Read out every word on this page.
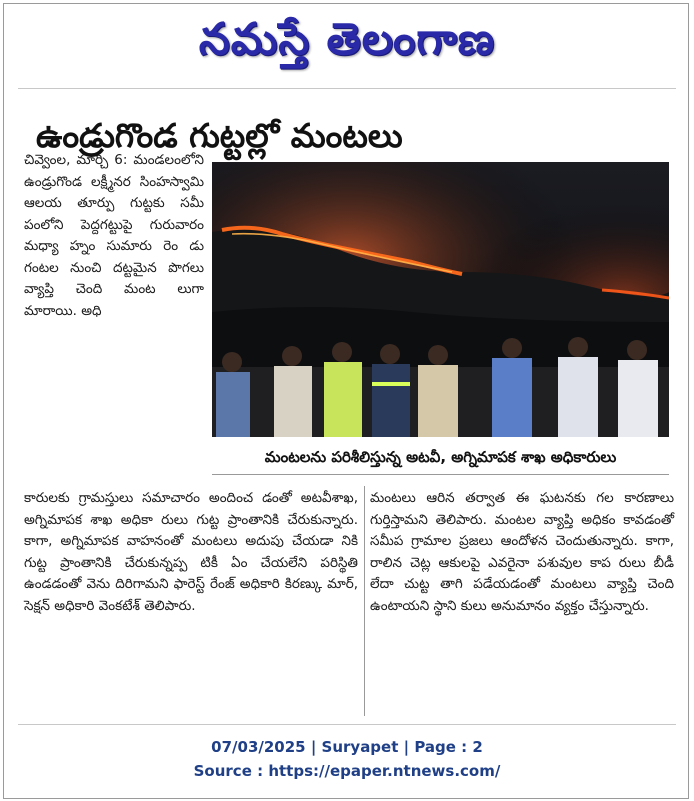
నమస్తే తెలంగాణ
ఉండ్రుగొండ గుట్టల్లో మంటలు
చివ్వెంల, మార్చి 6: మండలంలోని ఉండ్రుగొండ లక్ష్మీనర సింహస్వామి ఆలయ తూర్పు గుట్టకు సమీ పంలోని పెద్దగట్టుపై గురువారం మధ్యా హ్నం సుమారు రెం డు గంటల నుంచి దట్టమైన పొగలు వ్యాప్తి చెంది మంట లుగా మారాయి. అధి
మంటలను పరిశీలిస్తున్న అటవీ, అగ్నిమాపక శాఖ అధికారులు
కారులకు గ్రామస్తులు సమాచారం అందించ డంతో అటవీశాఖ, అగ్నిమాపక శాఖ అధికా రులు గుట్ట ప్రాంతానికి చేరుకున్నారు. కాగా, అగ్నిమాపక వాహనంతో మంటలు అదుపు చేయడా నికి గుట్ట ప్రాంతానికి చేరుకున్నప్ప టికీ ఏం చేయలేని పరిస్థితి ఉండడంతో వెను దిరిగామని ఫారెస్ట్ రేంజ్ అధికారి కిరణ్కు మార్, సెక్షన్ అధికారి వెంకటేశ్ తెలిపారు.
మంటలు ఆరిన తర్వాత ఈ ఘటనకు గల కారణాలు గుర్తిస్తామని తెలిపారు. మంటల వ్యాప్తి అధికం కావడంతో సమీప గ్రామాల ప్రజలు ఆందోళన చెందుతున్నారు. కాగా, రాలిన చెట్ల ఆకులపై ఎవరైనా పశువుల కాప రులు బీడీ లేదా చుట్ట తాగి పడేయడంతో మంటలు వ్యాప్తి చెంది ఉంటాయని స్థాని కులు అనుమానం వ్యక్తం చేస్తున్నారు.
07/03/2025 | Suryapet | Page : 2
Source : https://epaper.ntnews.com/
